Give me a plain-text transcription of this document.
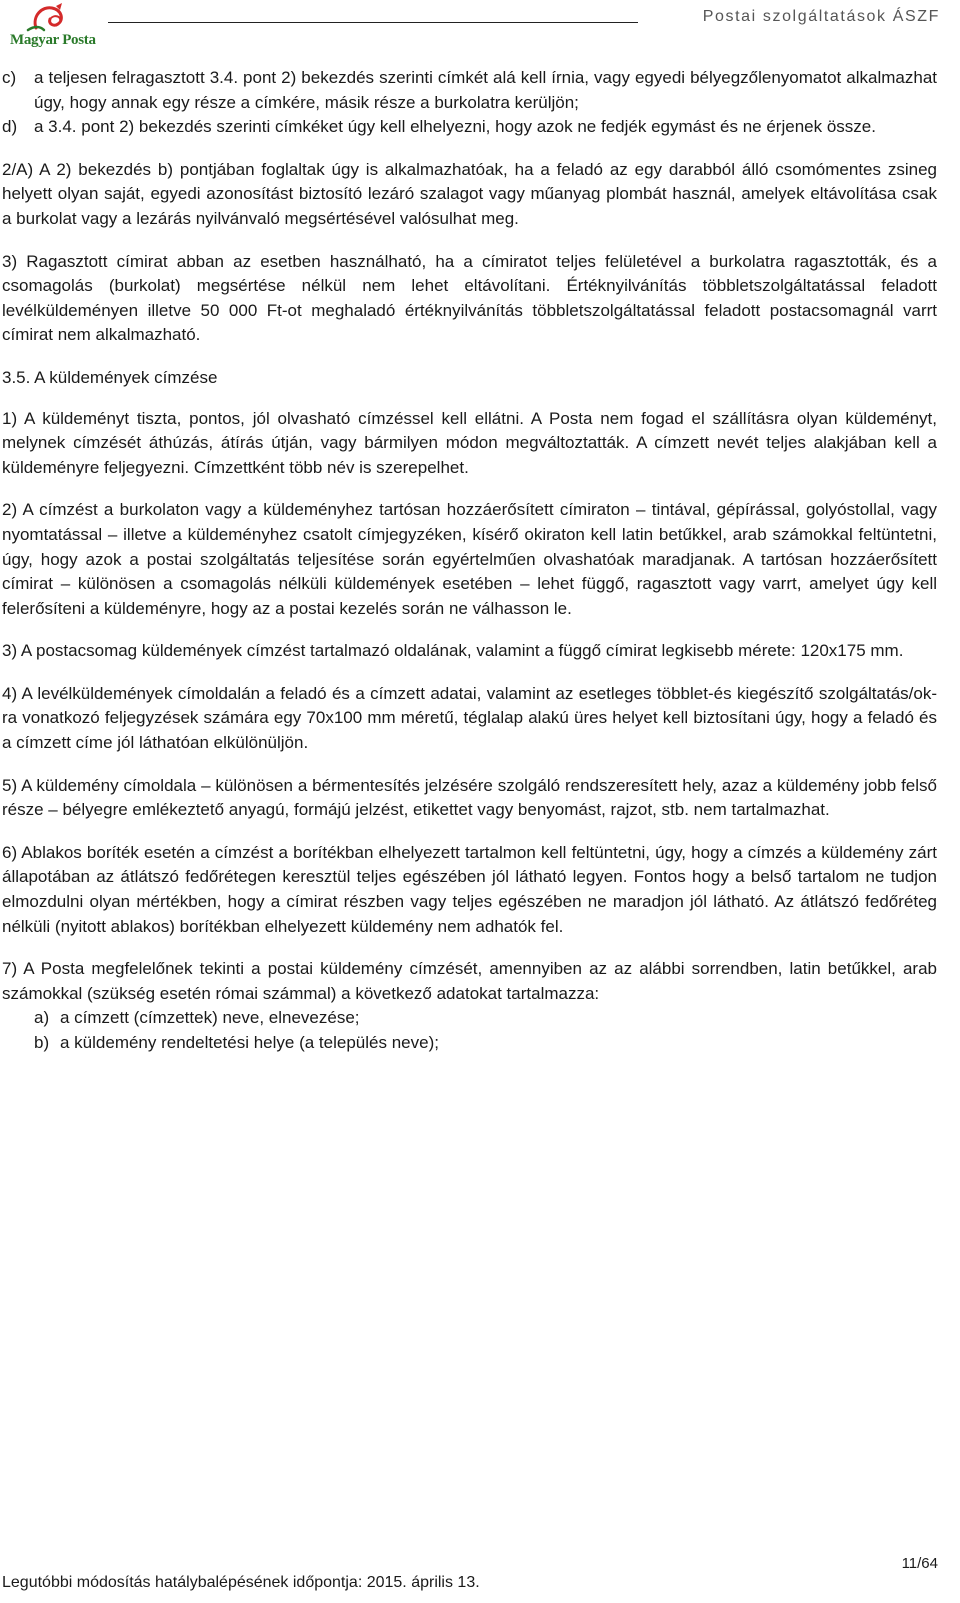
Magyar Posta
Postai szolgáltatások ÁSZF

c)	a teljesen felragasztott 3.4. pont 2) bekezdés szerinti címkét alá kell írnia, vagy egyedi bélyegzőlenyomatot alkalmazhat úgy, hogy annak egy része a címkére, másik része a burkolatra kerüljön;

d) a 3.4. pont 2) bekezdés szerinti címkéket úgy kell elhelyezni, hogy azok ne fedjék egymást és ne érjenek össze.

2/A) A 2) bekezdés b) pontjában foglaltak úgy is alkalmazhatóak, ha a feladó az egy darabból álló csomómentes zsineg helyett olyan saját, egyedi azonosítást biztosító lezáró szalagot vagy műanyag plombát használ, amelyek eltávolítása csak a burkolat vagy a lezárás nyilvánvaló megsértésével valósulhat meg.

3) Ragasztott címirat abban az esetben használható, ha a címiratot teljes felületével a burkolatra ragasztották, és a csomagolás (burkolat) megsértése nélkül nem lehet eltávolítani. Értéknyilvánítás többletszolgáltatással feladott levélküldeményen illetve 50 000 Ft-ot meghaladó értéknyilvánítás többletszolgáltatással feladott postacsomagnál varrt címirat nem alkalmazható.

3.5. A küldemények címzése

1) A küldeményt tiszta, pontos, jól olvasható címzéssel kell ellátni. A Posta nem fogad el szállításra olyan küldeményt, melynek címzését áthúzás, átírás útján, vagy bármilyen módon megváltoztatták. A címzett nevét teljes alakjában kell a küldeményre feljegyezni. Címzettként több név is szerepelhet.

2) A címzést a burkolaton vagy a küldeményhez tartósan hozzáerősített címiraton – tintával, gépírással, golyóstollal, vagy nyomtatással – illetve a küldeményhez csatolt címjegyzéken, kísérő okiraton kell latin betűkkel, arab számokkal feltüntetni, úgy, hogy azok a postai szolgáltatás teljesítése során egyértelműen olvashatóak maradjanak. A tartósan hozzáerősített címirat – különösen a csomagolás nélküli küldemények esetében – lehet függő, ragasztott vagy varrt, amelyet úgy kell felerősíteni a küldeményre, hogy az a postai kezelés során ne válhasson le.

3) A postacsomag küldemények címzést tartalmazó oldalának, valamint a függő címirat legkisebb mérete: 120x175 mm.

4) A levélküldemények címoldalán a feladó és a címzett adatai, valamint az esetleges többlet-és kiegészítő szolgáltatás/ok-ra vonatkozó feljegyzések számára egy 70x100 mm méretű, téglalap alakú üres helyet kell biztosítani úgy, hogy a feladó és a címzett címe jól láthatóan elkülönüljön.

5) A küldemény címoldala – különösen a bérmentesítés jelzésére szolgáló rendszeresített hely, azaz a küldemény jobb felső része – bélyegre emlékeztető anyagú, formájú jelzést, etikettet vagy benyomást, rajzot, stb. nem tartalmazhat.

6) Ablakos boríték esetén a címzést a borítékban elhelyezett tartalmon kell feltüntetni, úgy, hogy a címzés a küldemény zárt állapotában az átlátszó fedőrétegen keresztül teljes egészében jól látható legyen. Fontos hogy a belső tartalom ne tudjon elmozdulni olyan mértékben, hogy a címirat részben vagy teljes egészében ne maradjon jól látható. Az átlátszó fedőréteg nélküli (nyitott ablakos) borítékban elhelyezett küldemény nem adhatók fel.

7) A Posta megfelelőnek tekinti a postai küldemény címzését, amennyiben az az alábbi sorrendben, latin betűkkel, arab számokkal (szükség esetén római számmal) a következő adatokat tartalmazza:

a) a címzett (címzettek) neve, elnevezése;

b) a küldemény rendeltetési helye (a település neve);

11/64
Legutóbbi módosítás hatálybalépésének időpontja: 2015. április 13.
